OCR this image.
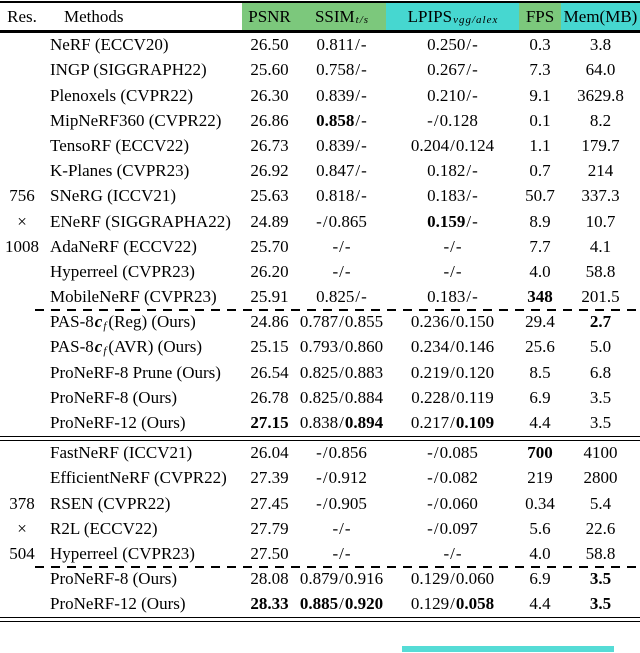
Res.	Methods	PSNR	$SSIM_{t/s}$ $LPIPS_{vgg/alex}$	FPS Mem(MB)
NeRF (ECCV20)	26.50 0.811 / -	0.250 / -	0.3 3.8
INGP (SIGGRAPH22)	25.60 0.758 / -	0.267 / -	7.3 64.0
Plenoxels (CVPR22)	26.30 0.839 / -	0.210 / -	9.1 3629.8
MipNeRF360 (CVPR22) 26.86 0.858 / -	- / 0.128	0.1 8.2
TensoRF (ECCV22)	26.73 0.839 / -	0.204 / 0.124 1.1 179.7
K-Planes (CVPR23)	26.92 0.847 / -	0.182 / -	0.7 214
756 SNeRG (ICCV21)	25.63 0.818 / -	0.183 / -	50.7 337.3
×	ENeRF (SIGGRAPHA22) 24.89 - / 0.865	0.159 / -	8.9 10.7
1008 AdaNeRF (ECCV22)	25.70	- / -	- / -	7.7 4.1
Hyperreel (CVPR23)	26.20	- / -	- / -	4.0 58.8
MobileNeRF (CVPR23) 25.91 0.825 / -	0.183 / -	348 201.5
PAS-8 c f (Reg) (Ours)	24.86 0.787 / 0.855 0.236 / 0.150 29.4 2.7
PAS-8 c f (AVR) (Ours)	25.15 0.793 / 0.860 0.234 / 0.146 25.6 5.0
ProNeRF-8 Prune (Ours) 26.54 0.825 / 0.883 0.219 / 0.120 8.5 6.8
ProNeRF-8 (Ours)	26.78 0.825 / 0.884 0.228 / 0.119 6.9 3.5
ProNeRF-12 (Ours)	27.15 0.838 / 0.894 0.217 / 0.109 4.4 3.5
FastNeRF (ICCV21)	26.04 - / 0.856	- / 0.085	700 4100
EfficientNeRF (CVPR22) 27.39 - / 0.912	- / 0.082	219 2800
378 RSEN (CVPR22)	27.45 - / 0.905	- / 0.060	0.34 5.4
×	R2L (ECCV22)	27.79	- / -	- / 0.097	5.6 22.6
504 Hyperreel (CVPR23)	27.50	- / -	- / -	4.0 58.8
ProNeRF-8 (Ours)	28.08 0.879 / 0.916 0.129 / 0.060 6.9 3.5
ProNeRF-12 (Ours)	28.33 0.885 / 0.920 0.129 / 0.058 4.4 3.5
